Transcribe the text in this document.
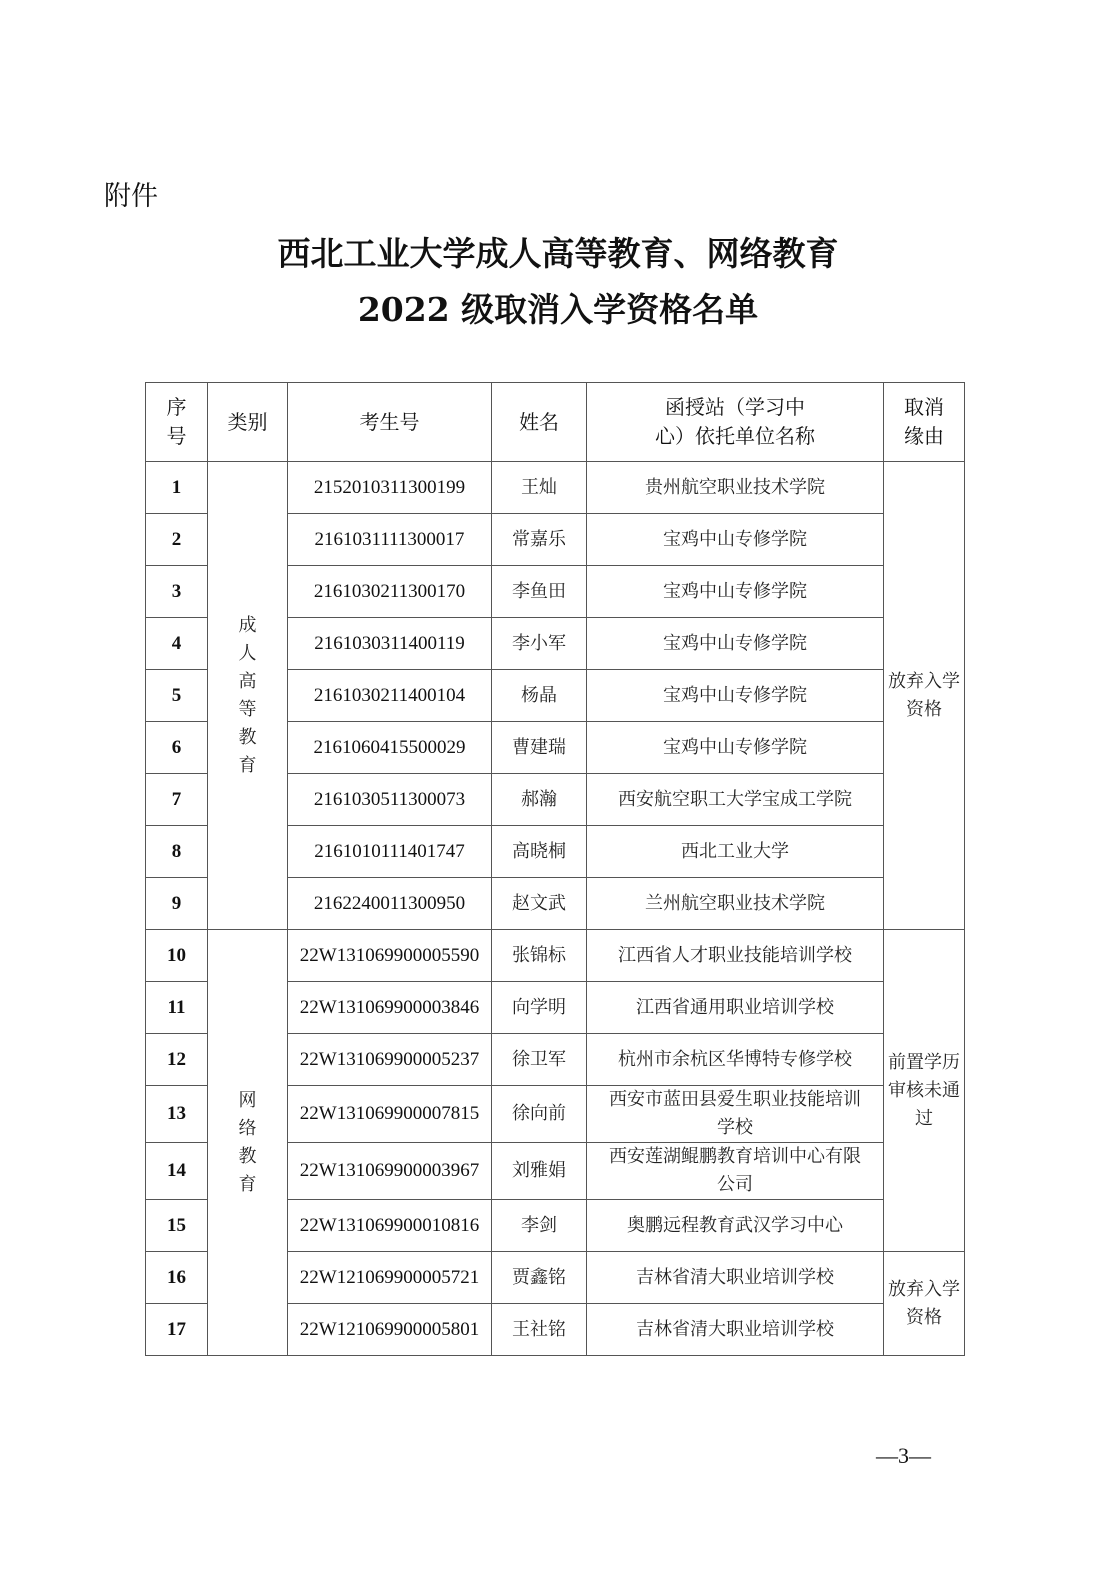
附件
西北工业大学成人高等教育、网络教育
2022 级取消入学资格名单
序号	类别	考生号	姓名	函授站（学习中心）依托单位名称	取消缘由
1	成人高等教育	2152010311300199	王灿	贵州航空职业技术学院	放弃入学资格
2		2161031111300017	常嘉乐	宝鸡中山专修学院	
3		2161030211300170	李鱼田	宝鸡中山专修学院	
4		2161030311400119	李小军	宝鸡中山专修学院	
5		2161030211400104	杨晶	宝鸡中山专修学院	
6		2161060415500029	曹建瑞	宝鸡中山专修学院	
7		2161030511300073	郝瀚	西安航空职工大学宝成工学院	
8		2161010111401747	高晓桐	西北工业大学	
9		2162240011300950	赵文武	兰州航空职业技术学院	
10	网络教育	22W131069900005590	张锦标	江西省人才职业技能培训学校	前置学历审核未通过
11		22W131069900003846	向学明	江西省通用职业培训学校	
12		22W131069900005237	徐卫军	杭州市余杭区华博特专修学校	
13		22W131069900007815	徐向前	西安市蓝田县爱生职业技能培训学校	
14		22W131069900003967	刘雅娟	西安莲湖鲲鹏教育培训中心有限公司	
15		22W131069900010816	李剑	奥鹏远程教育武汉学习中心	
16		22W121069900005721	贾鑫铭	吉林省清大职业培训学校	放弃入学资格
17		22W121069900005801	王社铭	吉林省清大职业培训学校	
—3—
